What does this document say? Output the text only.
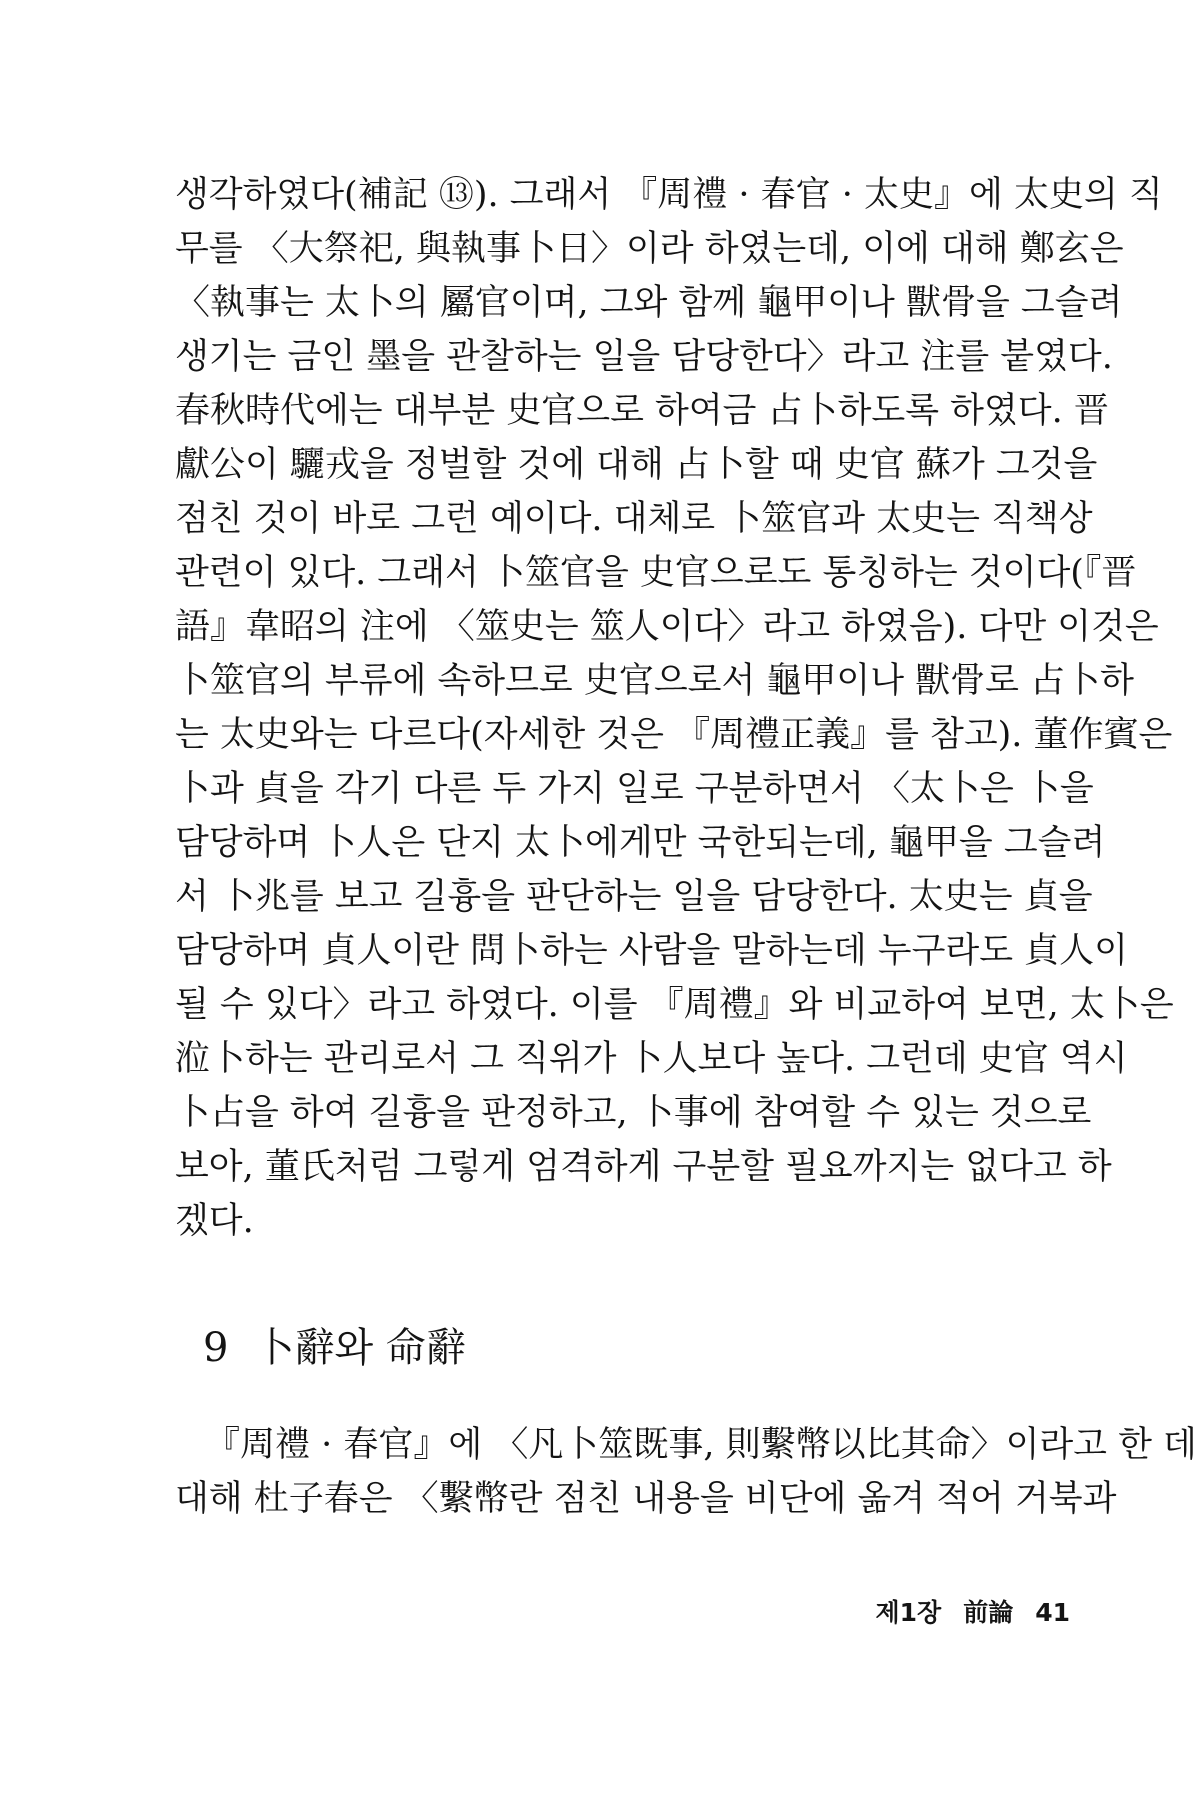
생각하였다(補記 ⑬). 그래서 『周禮 · 春官 · 太史』에 太史의 직
무를 〈大祭祀, 與執事卜日〉이라 하였는데, 이에 대해 鄭玄은
〈執事는 太卜의 屬官이며, 그와 함께 龜甲이나 獸骨을 그슬려
생기는 금인 墨을 관찰하는 일을 담당한다〉라고 注를 붙였다.
春秋時代에는 대부분 史官으로 하여금 占卜하도록 하였다. 晋
獻公이 驪戎을 정벌할 것에 대해 占卜할 때 史官 蘇가 그것을
점친 것이 바로 그런 예이다. 대체로 卜筮官과 太史는 직책상
관련이 있다. 그래서 卜筮官을 史官으로도 통칭하는 것이다(『晋
語』韋昭의 注에 〈筮史는 筮人이다〉라고 하였음). 다만 이것은
卜筮官의 부류에 속하므로 史官으로서 龜甲이나 獸骨로 占卜하
는 太史와는 다르다(자세한 것은 『周禮正義』를 참고). 董作賓은
卜과 貞을 각기 다른 두 가지 일로 구분하면서 〈太卜은 卜을
담당하며 卜人은 단지 太卜에게만 국한되는데, 龜甲을 그슬려
서 卜兆를 보고 길흉을 판단하는 일을 담당한다. 太史는 貞을
담당하며 貞人이란 問卜하는 사람을 말하는데 누구라도 貞人이
될 수 있다〉라고 하였다. 이를 『周禮』와 비교하여 보면, 太卜은
涖卜하는 관리로서 그 직위가 卜人보다 높다. 그런데 史官 역시
卜占을 하여 길흉을 판정하고, 卜事에 참여할 수 있는 것으로
보아, 董氏처럼 그렇게 엄격하게 구분할 필요까지는 없다고 하
겠다.
9 卜辭와 命辭
『周禮 · 春官』에 〈凡卜筮既事, 則繫幣以比其命〉이라고 한 데
대해 杜子春은 〈繫幣란 점친 내용을 비단에 옮겨 적어 거북과
제1장 前論 41
